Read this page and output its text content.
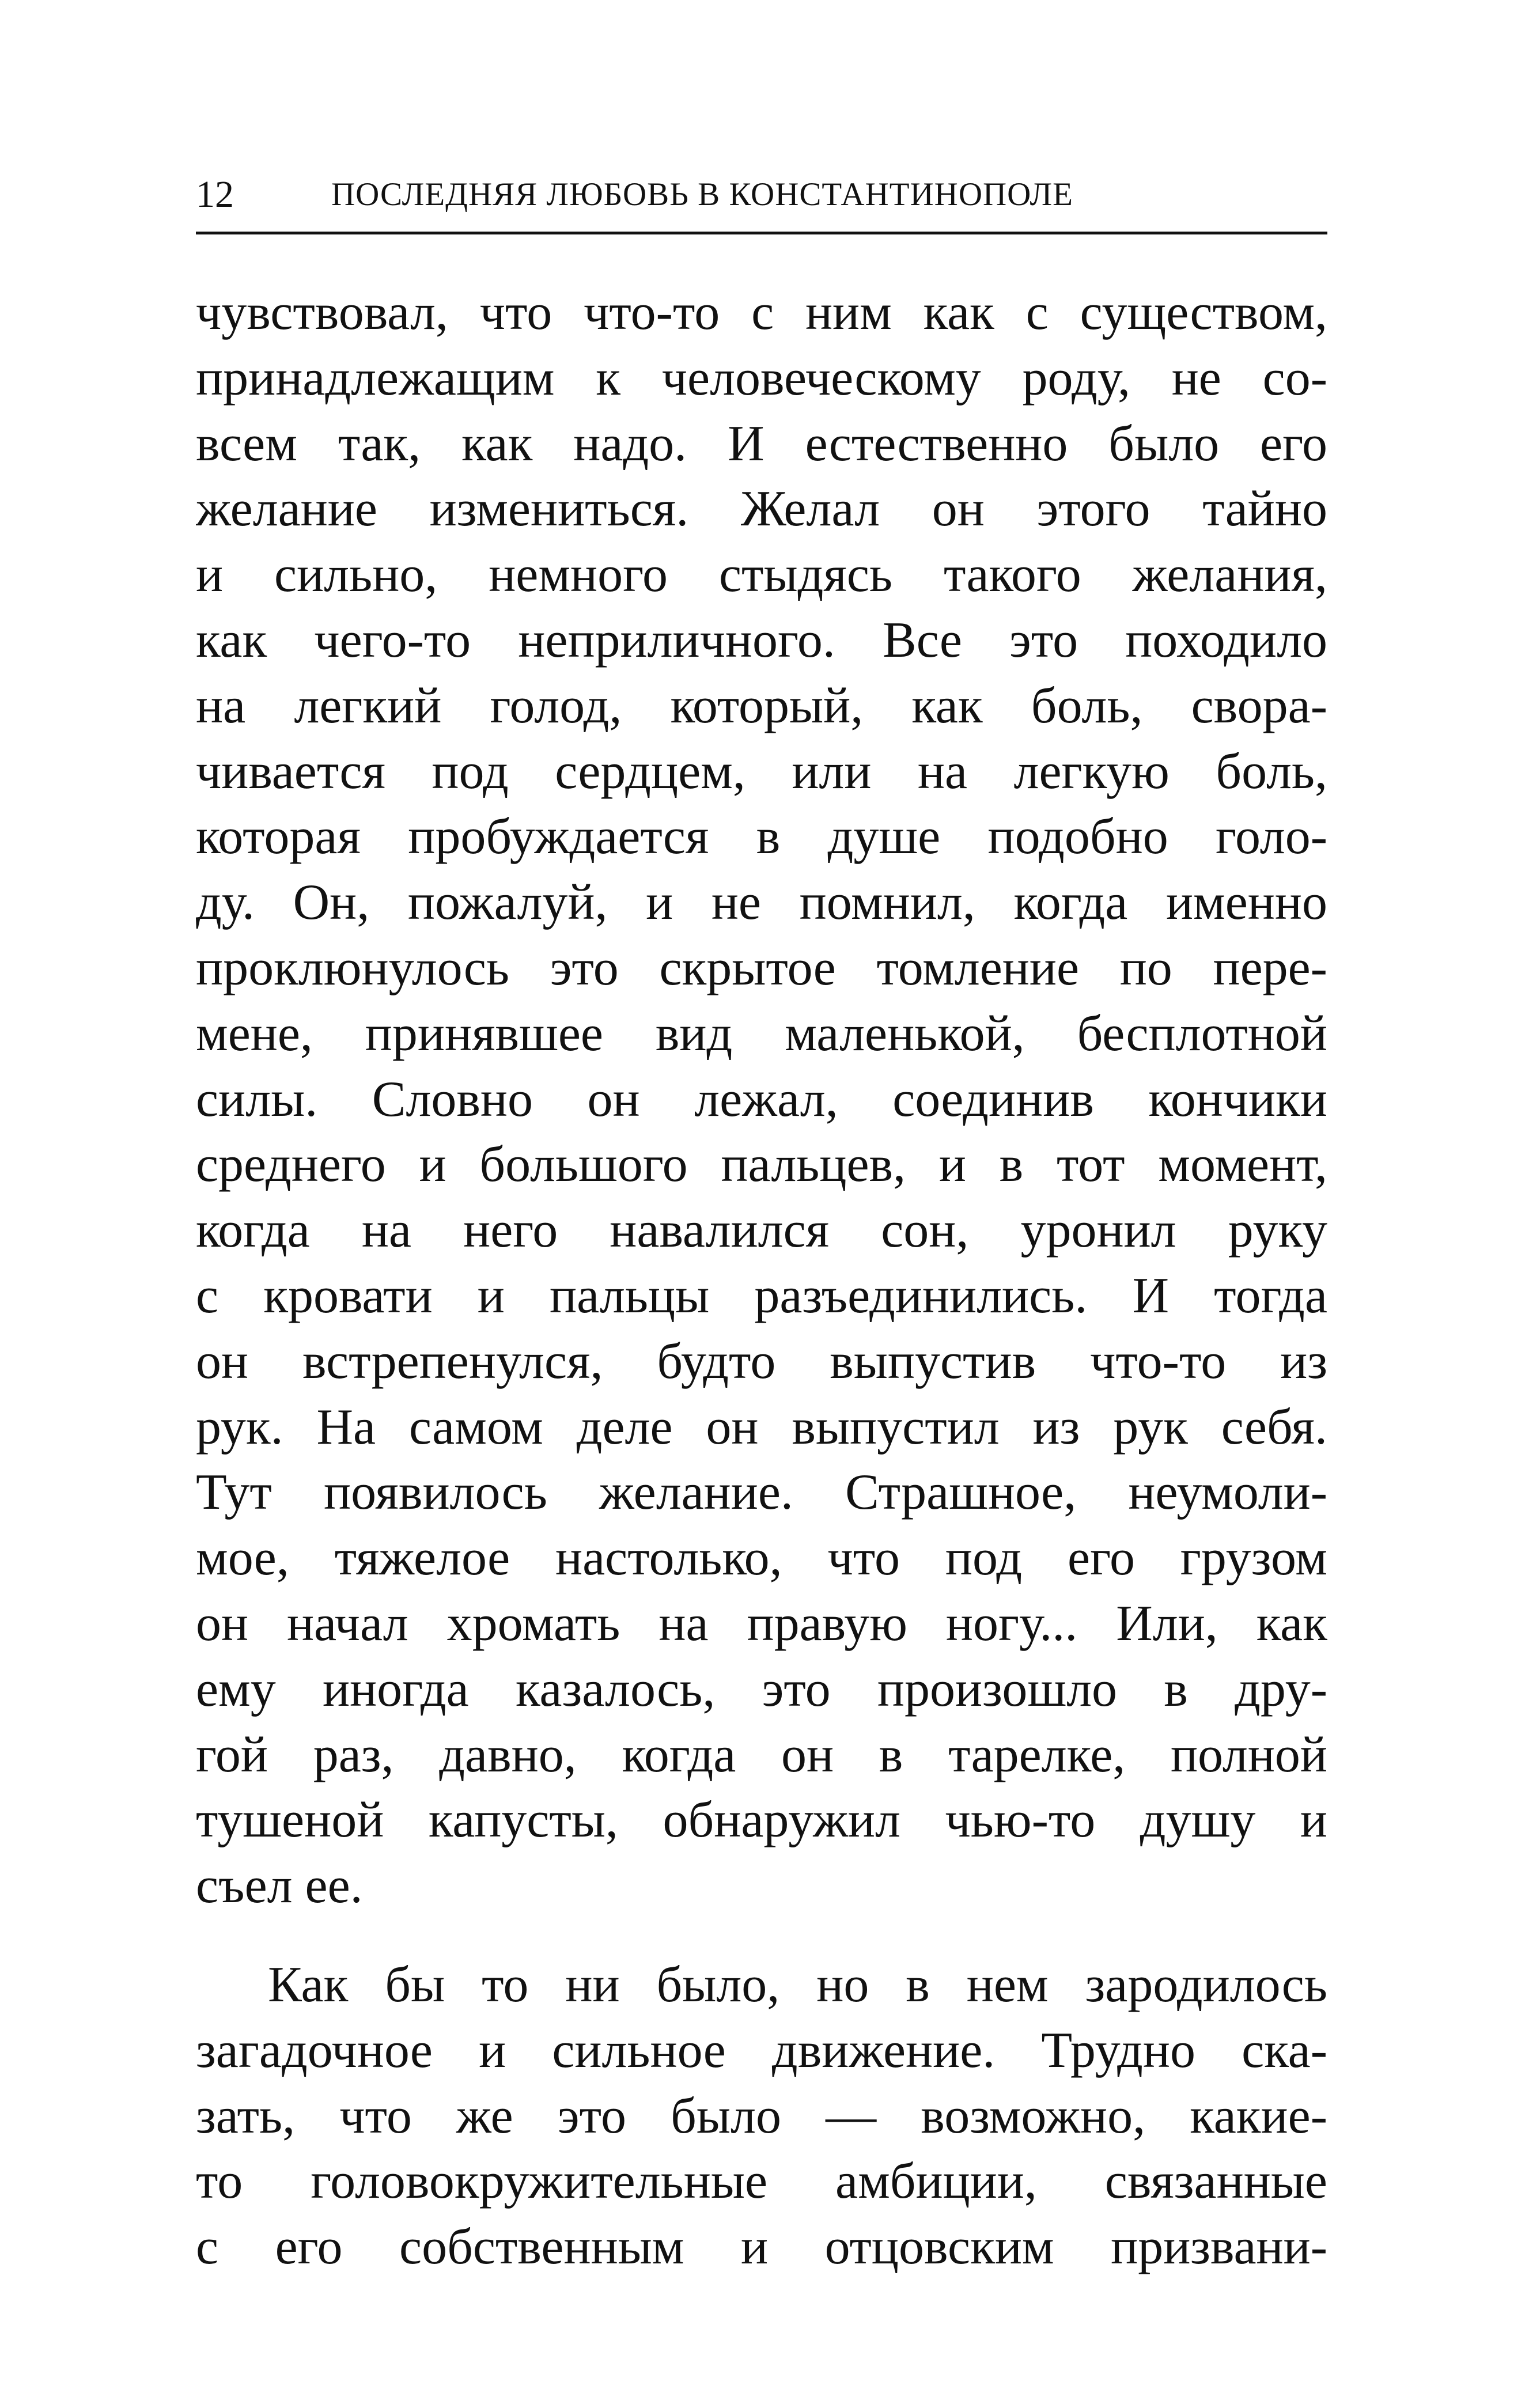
12	ПОСЛЕДНЯЯ ЛЮБОВЬ В КОНСТАНТИНОПОЛЕ
чувствовал, что что-то с ним как с существом,
принадлежащим к человеческому роду, не со-
всем так, как надо. И естественно было его
желание измениться. Желал он этого тайно
и сильно, немного стыдясь такого желания,
как чего-то неприличного. Все это походило
на легкий голод, который, как боль, свора-
чивается под сердцем, или на легкую боль,
которая пробуждается в душе подобно голо-
ду. Он, пожалуй, и не помнил, когда именно
проклюнулось это скрытое томление по пере-
мене, принявшее вид маленькой, бесплотной
силы. Словно он лежал, соединив кончики
среднего и большого пальцев, и в тот момент,
когда на него навалился сон, уронил руку
с кровати и пальцы разъединились. И тогда
он встрепенулся, будто выпустив что-то из
рук. На самом деле он выпустил из рук себя.
Тут появилось желание. Страшное, неумоли-
мое, тяжелое настолько, что под его грузом
он начал хромать на правую ногу... Или, как
ему иногда казалось, это произошло в дру-
гой раз, давно, когда он в тарелке, полной
тушеной капусты, обнаружил чью-то душу и
съел ее.
Как бы то ни было, но в нем зародилось
загадочное и сильное движение. Трудно ска-
зать, что же это было — возможно, какие-
то головокружительные амбиции, связанные
с его собственным и отцовским призвани-
